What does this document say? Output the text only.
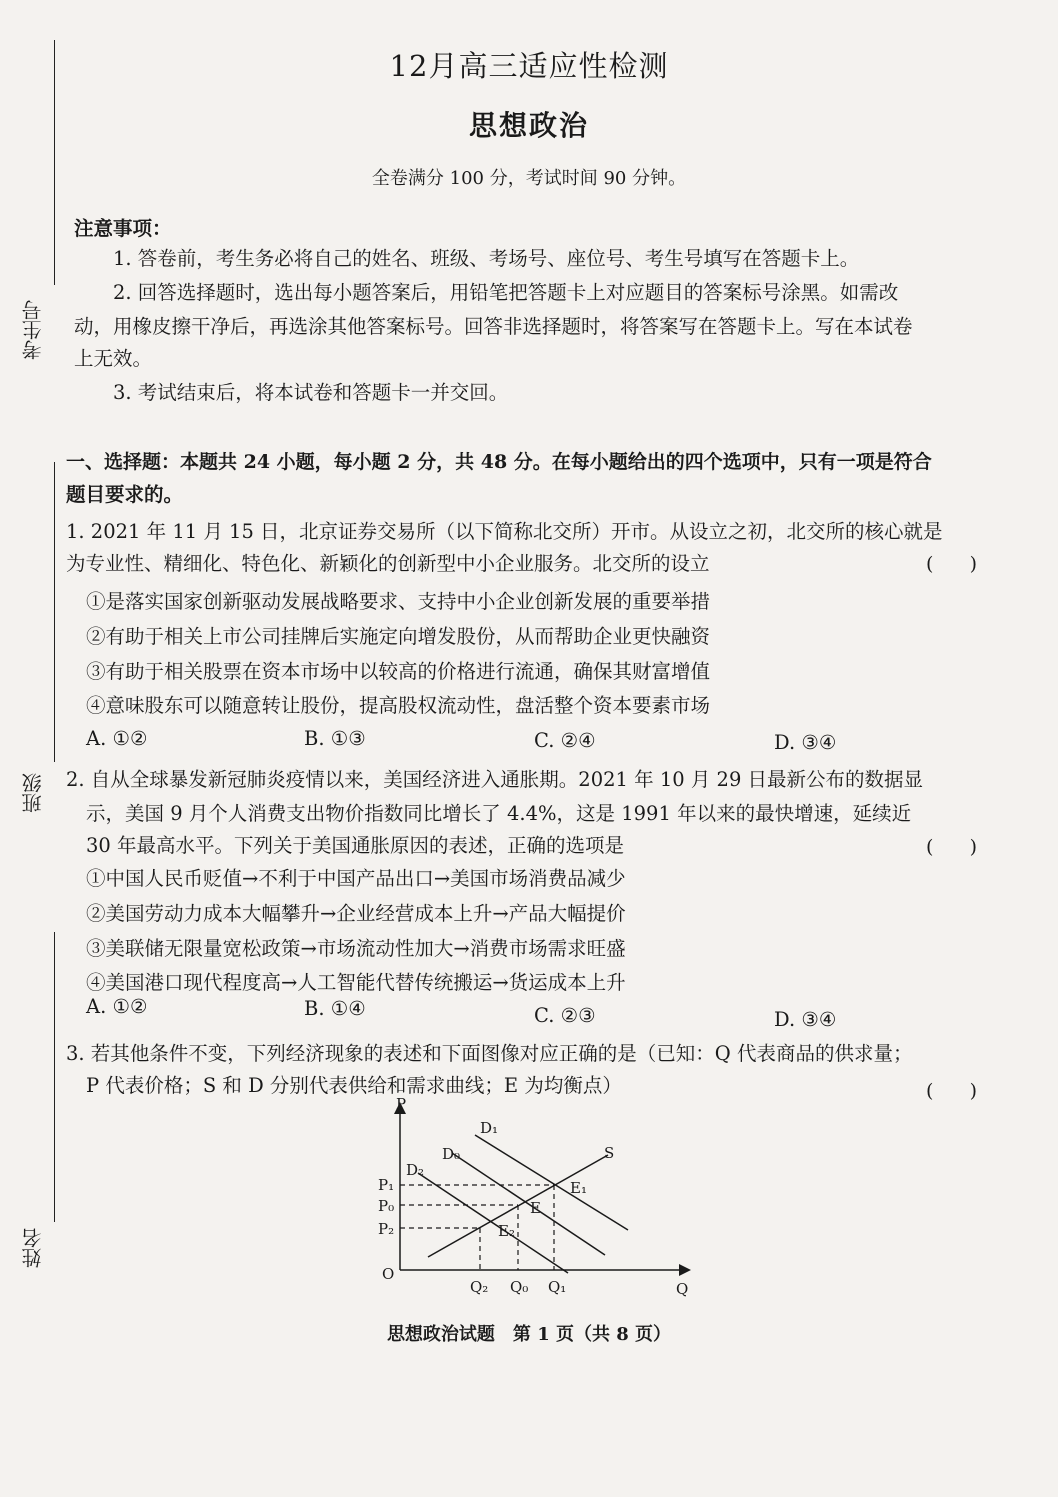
考生号
班级
姓名
12月高三适应性检测
思想政治
全卷满分 100 分，考试时间 90 分钟。
注意事项：
1. 答卷前，考生务必将自己的姓名、班级、考场号、座位号、考生号填写在答题卡上。
2. 回答选择题时，选出每小题答案后，用铅笔把答题卡上对应题目的答案标号涂黑。如需改
动，用橡皮擦干净后，再选涂其他答案标号。回答非选择题时，将答案写在答题卡上。写在本试卷
上无效。
3. 考试结束后，将本试卷和答题卡一并交回。
一、选择题：本题共 24 小题，每小题 2 分，共 48 分。在每小题给出的四个选项中，只有一项是符合
题目要求的。
1. 2021 年 11 月 15 日，北京证券交易所（以下简称北交所）开市。从设立之初，北交所的核心就是
为专业性、精细化、特色化、新颖化的创新型中小企业服务。北交所的设立	(      )
①是落实国家创新驱动发展战略要求、支持中小企业创新发展的重要举措
②有助于相关上市公司挂牌后实施定向增发股份，从而帮助企业更快融资
③有助于相关股票在资本市场中以较高的价格进行流通，确保其财富增值
④意味股东可以随意转让股份，提高股权流动性，盘活整个资本要素市场
A. ①②	B. ①③	C. ②④	D. ③④
2. 自从全球暴发新冠肺炎疫情以来，美国经济进入通胀期。2021 年 10 月 29 日最新公布的数据显
示，美国 9 月个人消费支出物价指数同比增长了 4.4%，这是 1991 年以来的最快增速，延续近
30 年最高水平。下列关于美国通胀原因的表述，正确的选项是	(      )
①中国人民币贬值→不利于中国产品出口→美国市场消费品减少
②美国劳动力成本大幅攀升→企业经营成本上升→产品大幅提价
③美联储无限量宽松政策→市场流动性加大→消费市场需求旺盛
④美国港口现代程度高→人工智能代替传统搬运→货运成本上升
A. ①②	B. ①④	C. ②③	D. ③④
3. 若其他条件不变，下列经济现象的表述和下面图像对应正确的是（已知：Q 代表商品的供求量；
P 代表价格；S 和 D 分别代表供给和需求曲线；E 为均衡点）	(      )
P
Q
O
D₁
D₀
D₂
S
P₁
P₀
P₂
E
E₁
E₂
Q₂ Q₀ Q₁
思想政治试题　第 1 页（共 8 页）
